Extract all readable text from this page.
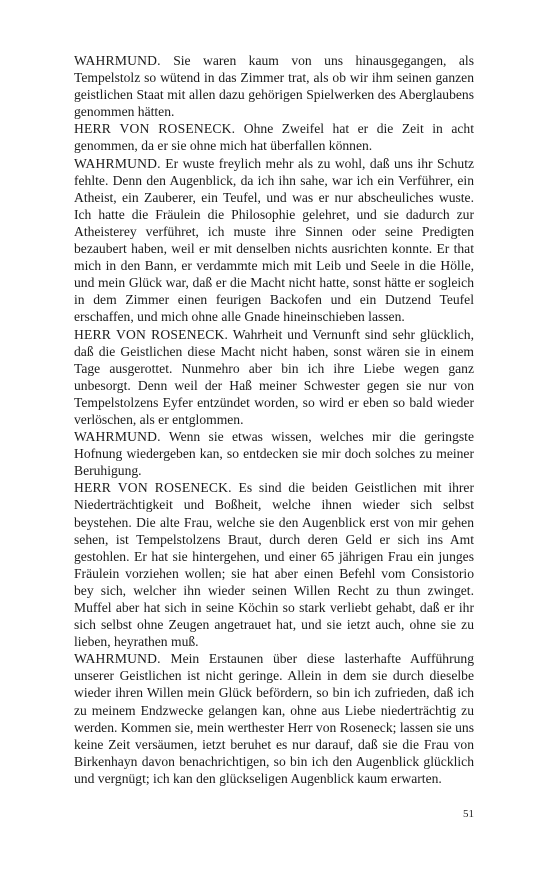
WAHRMUND. Sie waren kaum von uns hinausgegangen, als Tempelstolz so wütend in das Zimmer trat, als ob wir ihm seinen ganzen geistlichen Staat mit allen dazu gehörigen Spielwerken des Aberglaubens genommen hätten.

HERR VON ROSENECK. Ohne Zweifel hat er die Zeit in acht genommen, da er sie ohne mich hat überfallen können.

WAHRMUND. Er wuste freylich mehr als zu wohl, daß uns ihr Schutz fehlte. Denn den Augenblick, da ich ihn sahe, war ich ein Verführer, ein Atheist, ein Zauberer, ein Teufel, und was er nur abscheuliches wuste. Ich hatte die Fräulein die Philosophie gelehret, und sie dadurch zur Atheisterey verführet, ich muste ihre Sinnen oder seine Predigten bezaubert haben, weil er mit denselben nichts ausrichten konnte. Er that mich in den Bann, er verdammte mich mit Leib und Seele in die Hölle, und mein Glück war, daß er die Macht nicht hatte, sonst hätte er sogleich in dem Zimmer einen feurigen Backofen und ein Dutzend Teufel erschaffen, und mich ohne alle Gnade hineinschieben lassen.

HERR VON ROSENECK. Wahrheit und Vernunft sind sehr glücklich, daß die Geistlichen diese Macht nicht haben, sonst wären sie in einem Tage ausgerottet. Nunmehro aber bin ich ihre Liebe wegen ganz unbesorgt. Denn weil der Haß meiner Schwester gegen sie nur von Tempelstolzens Eyfer entzündet worden, so wird er eben so bald wieder verlöschen, als er entglommen.

WAHRMUND. Wenn sie etwas wissen, welches mir die geringste Hofnung wiedergeben kan, so entdecken sie mir doch solches zu meiner Beruhigung.

HERR VON ROSENECK. Es sind die beiden Geistlichen mit ihrer Niederträchtigkeit und Boßheit, welche ihnen wieder sich selbst beystehen. Die alte Frau, welche sie den Augenblick erst von mir gehen sehen, ist Tempelstolzens Braut, durch deren Geld er sich ins Amt gestohlen. Er hat sie hintergehen, und einer 65 jährigen Frau ein junges Fräulein vorziehen wollen; sie hat aber einen Befehl vom Consistorio bey sich, welcher ihn wieder seinen Willen Recht zu thun zwinget. Muffel aber hat sich in seine Köchin so stark verliebt gehabt, daß er ihr sich selbst ohne Zeugen angetrauet hat, und sie ietzt auch, ohne sie zu lieben, heyrathen muß.

WAHRMUND. Mein Erstaunen über diese lasterhafte Aufführung unserer Geistlichen ist nicht geringe. Allein in dem sie durch dieselbe wieder ihren Willen mein Glück befördern, so bin ich zufrieden, daß ich zu meinem Endzwecke gelangen kan, ohne aus Liebe niederträchtig zu werden. Kommen sie, mein werthester Herr von Roseneck; lassen sie uns keine Zeit versäumen, ietzt beruhet es nur darauf, daß sie die Frau von Birkenhayn davon benachrichtigen, so bin ich den Augenblick glücklich und vergnügt; ich kan den glückseligen Augenblick kaum erwarten.

51
